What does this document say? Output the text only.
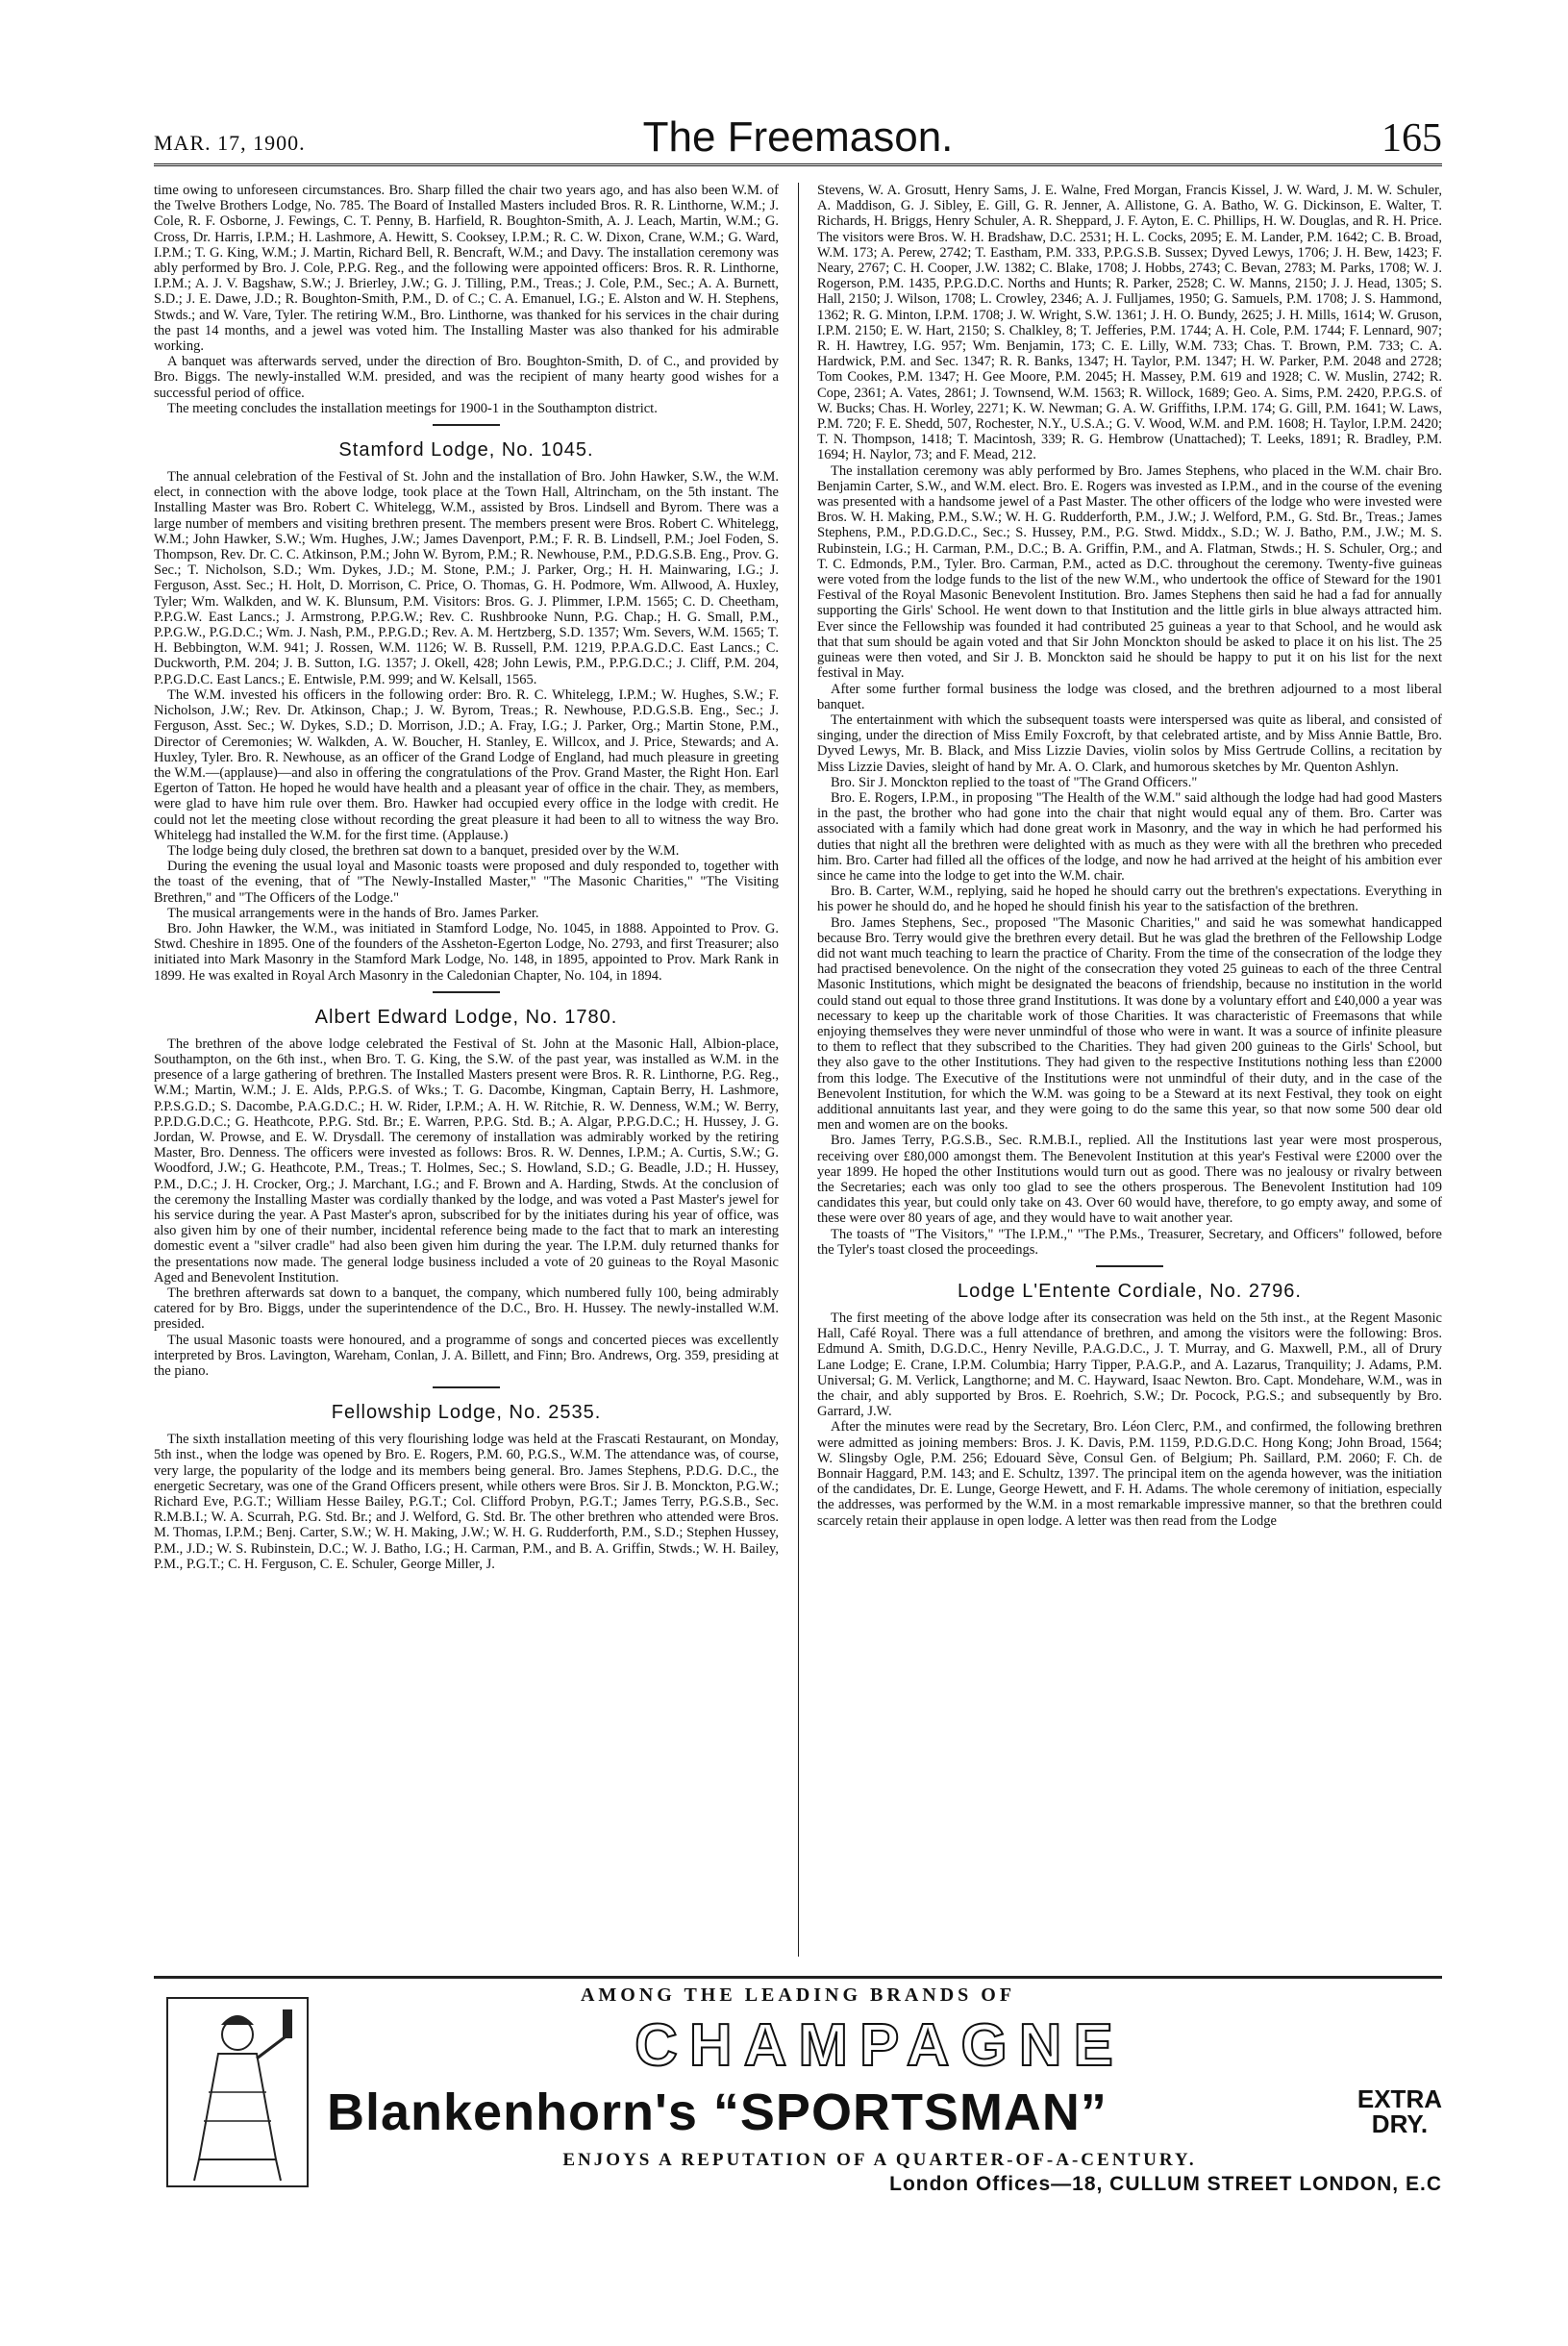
MAR. 17, 1900.	The Freemason.	165

time owing to unforeseen circumstances. Bro. Sharp filled the chair two years ago, and has also been W.M. of the Twelve Brothers Lodge, No. 785. The Board of Installed Masters included Bros. R. R. Linthorne, W.M.; J. Cole, R. F. Osborne, J. Fewings, C. T. Penny, B. Harfield, R. Boughton-Smith, A. J. Leach, Martin, W.M.; G. Cross, Dr. Harris, I.P.M.; H. Lashmore, A. Hewitt, S. Cooksey, I.P.M.; R. C. W. Dixon, Crane, W.M.; G. Ward, I.P.M.; T. G. King, W.M.; J. Martin, Richard Bell, R. Bencraft, W.M.; and Davy. The installation ceremony was ably performed by Bro. J. Cole, P.P.G. Reg., and the following were appointed officers: Bros. R. R. Linthorne, I.P.M.; A. J. V. Bagshaw, S.W.; J. Brierley, J.W.; G. J. Tilling, P.M., Treas.; J. Cole, P.M., Sec.; A. A. Burnett, S.D.; J. E. Dawe, J.D.; R. Boughton-Smith, P.M., D. of C.; C. A. Emanuel, I.G.; E. Alston and W. H. Stephens, Stwds.; and W. Vare, Tyler. The retiring W.M., Bro. Linthorne, was thanked for his services in the chair during the past 14 months, and a jewel was voted him. The Installing Master was also thanked for his admirable working.

A banquet was afterwards served, under the direction of Bro. Boughton-Smith, D. of C., and provided by Bro. Biggs. The newly-installed W.M. presided, and was the recipient of many hearty good wishes for a successful period of office.

The meeting concludes the installation meetings for 1900-1 in the Southampton district.

Stamford Lodge, No. 1045.

The annual celebration of the Festival of St. John and the installation of Bro. John Hawker, S.W., the W.M. elect, in connection with the above lodge, took place at the Town Hall, Altrincham, on the 5th instant. The Installing Master was Bro. Robert C. Whitelegg, W.M., assisted by Bros. Lindsell and Byrom. There was a large number of members and visiting brethren present. The members present were Bros. Robert C. Whitelegg, W.M.; John Hawker, S.W.; Wm. Hughes, J.W.; James Davenport, P.M.; F. R. B. Lindsell, P.M.; Joel Foden, S. Thompson, Rev. Dr. C. C. Atkinson, P.M.; John W. Byrom, P.M.; R. Newhouse, P.M., P.D.G.S.B. Eng., Prov. G. Sec.; T. Nicholson, S.D.; Wm. Dykes, J.D.; M. Stone, P.M.; J. Parker, Org.; H. H. Mainwaring, I.G.; J. Ferguson, Asst. Sec.; H. Holt, D. Morrison, C. Price, O. Thomas, G. H. Podmore, Wm. Allwood, A. Huxley, Tyler; Wm. Walkden, and W. K. Blunsum, P.M. Visitors: Bros. G. J. Plimmer, I.P.M. 1565; C. D. Cheetham, P.P.G.W. East Lancs.; J. Armstrong, P.P.G.W.; Rev. C. Rushbrooke Nunn, P.G. Chap.; H. G. Small, P.M., P.P.G.W., P.G.D.C.; Wm. J. Nash, P.M., P.P.G.D.; Rev. A. M. Hertzberg, S.D. 1357; Wm. Severs, W.M. 1565; T. H. Bebbington, W.M. 941; J. Rossen, W.M. 1126; W. B. Russell, P.M. 1219, P.P.A.G.D.C. East Lancs.; C. Duckworth, P.M. 204; J. B. Sutton, I.G. 1357; J. Okell, 428; John Lewis, P.M., P.P.G.D.C.; J. Cliff, P.M. 204, P.P.G.D.C. East Lancs.; E. Entwisle, P.M. 999; and W. Kelsall, 1565.

The W.M. invested his officers in the following order: Bro. R. C. Whitelegg, I.P.M.; W. Hughes, S.W.; F. Nicholson, J.W.; Rev. Dr. Atkinson, Chap.; J. W. Byrom, Treas.; R. Newhouse, P.D.G.S.B. Eng., Sec.; J. Ferguson, Asst. Sec.; W. Dykes, S.D.; D. Morrison, J.D.; A. Fray, I.G.; J. Parker, Org.; Martin Stone, P.M., Director of Ceremonies; W. Walkden, A. W. Boucher, H. Stanley, E. Willcox, and J. Price, Stewards; and A. Huxley, Tyler. Bro. R. Newhouse, as an officer of the Grand Lodge of England, had much pleasure in greeting the W.M.—(applause)—and also in offering the congratulations of the Prov. Grand Master, the Right Hon. Earl Egerton of Tatton. He hoped he would have health and a pleasant year of office in the chair. They, as members, were glad to have him rule over them. Bro. Hawker had occupied every office in the lodge with credit. He could not let the meeting close without recording the great pleasure it had been to all to witness the way Bro. Whitelegg had installed the W.M. for the first time. (Applause.)

The lodge being duly closed, the brethren sat down to a banquet, presided over by the W.M.

During the evening the usual loyal and Masonic toasts were proposed and duly responded to, together with the toast of the evening, that of "The Newly-Installed Master," "The Masonic Charities," "The Visiting Brethren," and "The Officers of the Lodge."

The musical arrangements were in the hands of Bro. James Parker.

Bro. John Hawker, the W.M., was initiated in Stamford Lodge, No. 1045, in 1888. Appointed to Prov. G. Stwd. Cheshire in 1895. One of the founders of the Assheton-Egerton Lodge, No. 2793, and first Treasurer; also initiated into Mark Masonry in the Stamford Mark Lodge, No. 148, in 1895, appointed to Prov. Mark Rank in 1899. He was exalted in Royal Arch Masonry in the Caledonian Chapter, No. 104, in 1894.

Albert Edward Lodge, No. 1780.

The brethren of the above lodge celebrated the Festival of St. John at the Masonic Hall, Albion-place, Southampton, on the 6th inst., when Bro. T. G. King, the S.W. of the past year, was installed as W.M. in the presence of a large gathering of brethren. The Installed Masters present were Bros. R. R. Linthorne, P.G. Reg., W.M.; Martin, W.M.; J. E. Alds, P.P.G.S. of Wks.; T. G. Dacombe, Kingman, Captain Berry, H. Lashmore, P.P.S.G.D.; S. Dacombe, P.A.G.D.C.; H. W. Rider, I.P.M.; A. H. W. Ritchie, R. W. Denness, W.M.; W. Berry, P.P.D.G.D.C.; G. Heathcote, P.P.G. Std. Br.; E. Warren, P.P.G. Std. B.; A. Algar, P.P.G.D.C.; H. Hussey, J. G. Jordan, W. Prowse, and E. W. Drysdall. The ceremony of installation was admirably worked by the retiring Master, Bro. Denness. The officers were invested as follows: Bros. R. W. Dennes, I.P.M.; A. Curtis, S.W.; G. Woodford, J.W.; G. Heathcote, P.M., Treas.; T. Holmes, Sec.; S. Howland, S.D.; G. Beadle, J.D.; H. Hussey, P.M., D.C.; J. H. Crocker, Org.; J. Marchant, I.G.; and F. Brown and A. Harding, Stwds. At the conclusion of the ceremony the Installing Master was cordially thanked by the lodge, and was voted a Past Master's jewel for his service during the year. A Past Master's apron, subscribed for by the initiates during his year of office, was also given him by one of their number, incidental reference being made to the fact that to mark an interesting domestic event a "silver cradle" had also been given him during the year. The I.P.M. duly returned thanks for the presentations now made. The general lodge business included a vote of 20 guineas to the Royal Masonic Aged and Benevolent Institution.

The brethren afterwards sat down to a banquet, the company, which numbered fully 100, being admirably catered for by Bro. Biggs, under the superintendence of the D.C., Bro. H. Hussey. The newly-installed W.M. presided.

The usual Masonic toasts were honoured, and a programme of songs and concerted pieces was excellently interpreted by Bros. Lavington, Wareham, Conlan, J. A. Billett, and Finn; Bro. Andrews, Org. 359, presiding at the piano.

Fellowship Lodge, No. 2535.

The sixth installation meeting of this very flourishing lodge was held at the Frascati Restaurant, on Monday, 5th inst., when the lodge was opened by Bro. E. Rogers, P.M. 60, P.G.S., W.M. The attendance was, of course, very large, the popularity of the lodge and its members being general. Bro. James Stephens, P.D.G. D.C., the energetic Secretary, was one of the Grand Officers present, while others were Bros. Sir J. B. Monckton, P.G.W.; Richard Eve, P.G.T.; William Hesse Bailey, P.G.T.; Col. Clifford Probyn, P.G.T.; James Terry, P.G.S.B., Sec. R.M.B.I.; W. A. Scurrah, P.G. Std. Br.; and J. Welford, G. Std. Br. The other brethren who attended were Bros. M. Thomas, I.P.M.; Benj. Carter, S.W.; W. H. Making, J.W.; W. H. G. Rudderforth, P.M., S.D.; Stephen Hussey, P.M., J.D.; W. S. Rubinstein, D.C.; W. J. Batho, I.G.; H. Carman, P.M., and B. A. Griffin, Stwds.; W. H. Bailey, P.M., P.G.T.; C. H. Ferguson, C. E. Schuler, George Miller, J.

Stevens, W. A. Grosutt, Henry Sams, J. E. Walne, Fred Morgan, Francis Kissel, J. W. Ward, J. M. W. Schuler, A. Maddison, G. J. Sibley, E. Gill, G. R. Jenner, A. Allistone, G. A. Batho, W. G. Dickinson, E. Walter, T. Richards, H. Briggs, Henry Schuler, A. R. Sheppard, J. F. Ayton, E. C. Phillips, H. W. Douglas, and R. H. Price. The visitors were Bros. W. H. Bradshaw, D.C. 2531; H. L. Cocks, 2095; E. M. Lander, P.M. 1642; C. B. Broad, W.M. 173; A. Perew, 2742; T. Eastham, P.M. 333, P.P.G.S.B. Sussex; Dyved Lewys, 1706; J. H. Bew, 1423; F. Neary, 2767; C. H. Cooper, J.W. 1382; C. Blake, 1708; J. Hobbs, 2743; C. Bevan, 2783; M. Parks, 1708; W. J. Rogerson, P.M. 1435, P.P.G.D.C. Norths and Hunts; R. Parker, 2528; C. W. Manns, 2150; J. J. Head, 1305; S. Hall, 2150; J. Wilson, 1708; L. Crowley, 2346; A. J. Fulljames, 1950; G. Samuels, P.M. 1708; J. S. Hammond, 1362; R. G. Minton, I.P.M. 1708; J. W. Wright, S.W. 1361; J. H. O. Bundy, 2625; J. H. Mills, 1614; W. Gruson, I.P.M. 2150; E. W. Hart, 2150; S. Chalkley, 8; T. Jefferies, P.M. 1744; A. H. Cole, P.M. 1744; F. Lennard, 907; R. H. Hawtrey, I.G. 957; Wm. Benjamin, 173; C. E. Lilly, W.M. 733; Chas. T. Brown, P.M. 733; C. A. Hardwick, P.M. and Sec. 1347; R. R. Banks, 1347; H. Taylor, P.M. 1347; H. W. Parker, P.M. 2048 and 2728; Tom Cookes, P.M. 1347; H. Gee Moore, P.M. 2045; H. Massey, P.M. 619 and 1928; C. W. Muslin, 2742; R. Cope, 2361; A. Vates, 2861; J. Townsend, W.M. 1563; R. Willock, 1689; Geo. A. Sims, P.M. 2420, P.P.G.S. of W. Bucks; Chas. H. Worley, 2271; K. W. Newman; G. A. W. Griffiths, I.P.M. 174; G. Gill, P.M. 1641; W. Laws, P.M. 720; F. E. Shedd, 507, Rochester, N.Y., U.S.A.; G. V. Wood, W.M. and P.M. 1608; H. Taylor, I.P.M. 2420; T. N. Thompson, 1418; T. Macintosh, 339; R. G. Hembrow (Unattached); T. Leeks, 1891; R. Bradley, P.M. 1694; H. Naylor, 73; and F. Mead, 212.

The installation ceremony was ably performed by Bro. James Stephens, who placed in the W.M. chair Bro. Benjamin Carter, S.W., and W.M. elect. Bro. E. Rogers was invested as I.P.M., and in the course of the evening was presented with a handsome jewel of a Past Master. The other officers of the lodge who were invested were Bros. W. H. Making, P.M., S.W.; W. H. G. Rudderforth, P.M., J.W.; J. Welford, P.M., G. Std. Br., Treas.; James Stephens, P.M., P.D.G.D.C., Sec.; S. Hussey, P.M., P.G. Stwd. Middx., S.D.; W. J. Batho, P.M., J.W.; M. S. Rubinstein, I.G.; H. Carman, P.M., D.C.; B. A. Griffin, P.M., and A. Flatman, Stwds.; H. S. Schuler, Org.; and T. C. Edmonds, P.M., Tyler. Bro. Carman, P.M., acted as D.C. throughout the ceremony. Twenty-five guineas were voted from the lodge funds to the list of the new W.M., who undertook the office of Steward for the 1901 Festival of the Royal Masonic Benevolent Institution. Bro. James Stephens then said he had a fad for annually supporting the Girls' School. He went down to that Institution and the little girls in blue always attracted him. Ever since the Fellowship was founded it had contributed 25 guineas a year to that School, and he would ask that that sum should be again voted and that Sir John Monckton should be asked to place it on his list. The 25 guineas were then voted, and Sir J. B. Monckton said he should be happy to put it on his list for the next festival in May.

After some further formal business the lodge was closed, and the brethren adjourned to a most liberal banquet.

The entertainment with which the subsequent toasts were interspersed was quite as liberal, and consisted of singing, under the direction of Miss Emily Foxcroft, by that celebrated artiste, and by Miss Annie Battle, Bro. Dyved Lewys, Mr. B. Black, and Miss Lizzie Davies, violin solos by Miss Gertrude Collins, a recitation by Miss Lizzie Davies, sleight of hand by Mr. A. O. Clark, and humorous sketches by Mr. Quenton Ashlyn.

Bro. Sir J. Monckton replied to the toast of "The Grand Officers."

Bro. E. Rogers, I.P.M., in proposing "The Health of the W.M." said although the lodge had had good Masters in the past, the brother who had gone into the chair that night would equal any of them. Bro. Carter was associated with a family which had done great work in Masonry, and the way in which he had performed his duties that night all the brethren were delighted with as much as they were with all the brethren who preceded him. Bro. Carter had filled all the offices of the lodge, and now he had arrived at the height of his ambition ever since he came into the lodge to get into the W.M. chair.

Bro. B. Carter, W.M., replying, said he hoped he should carry out the brethren's expectations. Everything in his power he should do, and he hoped he should finish his year to the satisfaction of the brethren.

Bro. James Stephens, Sec., proposed "The Masonic Charities," and said he was somewhat handicapped because Bro. Terry would give the brethren every detail. But he was glad the brethren of the Fellowship Lodge did not want much teaching to learn the practice of Charity. From the time of the consecration of the lodge they had practised benevolence. On the night of the consecration they voted 25 guineas to each of the three Central Masonic Institutions, which might be designated the beacons of friendship, because no institution in the world could stand out equal to those three grand Institutions. It was done by a voluntary effort and £40,000 a year was necessary to keep up the charitable work of those Charities. It was characteristic of Freemasons that while enjoying themselves they were never unmindful of those who were in want. It was a source of infinite pleasure to them to reflect that they subscribed to the Charities. They had given 200 guineas to the Girls' School, but they also gave to the other Institutions. They had given to the respective Institutions nothing less than £2000 from this lodge. The Executive of the Institutions were not unmindful of their duty, and in the case of the Benevolent Institution, for which the W.M. was going to be a Steward at its next Festival, they took on eight additional annuitants last year, and they were going to do the same this year, so that now some 500 dear old men and women are on the books.

Bro. James Terry, P.G.S.B., Sec. R.M.B.I., replied. All the Institutions last year were most prosperous, receiving over £80,000 amongst them. The Benevolent Institution at this year's Festival were £2000 over the year 1899. He hoped the other Institutions would turn out as good. There was no jealousy or rivalry between the Secretaries; each was only too glad to see the others prosperous. The Benevolent Institution had 109 candidates this year, but could only take on 43. Over 60 would have, therefore, to go empty away, and some of these were over 80 years of age, and they would have to wait another year.

The toasts of "The Visitors," "The I.P.M.," "The P.Ms., Treasurer, Secretary, and Officers" followed, before the Tyler's toast closed the proceedings.

Lodge L'Entente Cordiale, No. 2796.

The first meeting of the above lodge after its consecration was held on the 5th inst., at the Regent Masonic Hall, Café Royal. There was a full attendance of brethren, and among the visitors were the following: Bros. Edmund A. Smith, D.G.D.C., Henry Neville, P.A.G.D.C., J. T. Murray, and G. Maxwell, P.M., all of Drury Lane Lodge; E. Crane, I.P.M. Columbia; Harry Tipper, P.A.G.P., and A. Lazarus, Tranquility; J. Adams, P.M. Universal; G. M. Verlick, Langthorne; and M. C. Hayward, Isaac Newton. Bro. Capt. Mondehare, W.M., was in the chair, and ably supported by Bros. E. Roehrich, S.W.; Dr. Pocock, P.G.S.; and subsequently by Bro. Garrard, J.W.

After the minutes were read by the Secretary, Bro. Léon Clerc, P.M., and confirmed, the following brethren were admitted as joining members: Bros. J. K. Davis, P.M. 1159, P.D.G.D.C. Hong Kong; John Broad, 1564; W. Slingsby Ogle, P.M. 256; Edouard Sève, Consul Gen. of Belgium; Ph. Saillard, P.M. 2060; F. Ch. de Bonnair Haggard, P.M. 143; and E. Schultz, 1397. The principal item on the agenda however, was the initiation of the candidates, Dr. E. Lunge, George Hewett, and F. H. Adams. The whole ceremony of initiation, especially the addresses, was performed by the W.M. in a most remarkable impressive manner, so that the brethren could scarcely retain their applause in open lodge. A letter was then read from the Lodge

AMONG THE LEADING BRANDS OF
CHAMPAGNE
Blankenhorn's “SPORTSMAN”	EXTRA
DRY.
ENJOYS A REPUTATION OF A QUARTER-OF-A-CENTURY.
London Offices—18, CULLUM STREET LONDON, E.C
